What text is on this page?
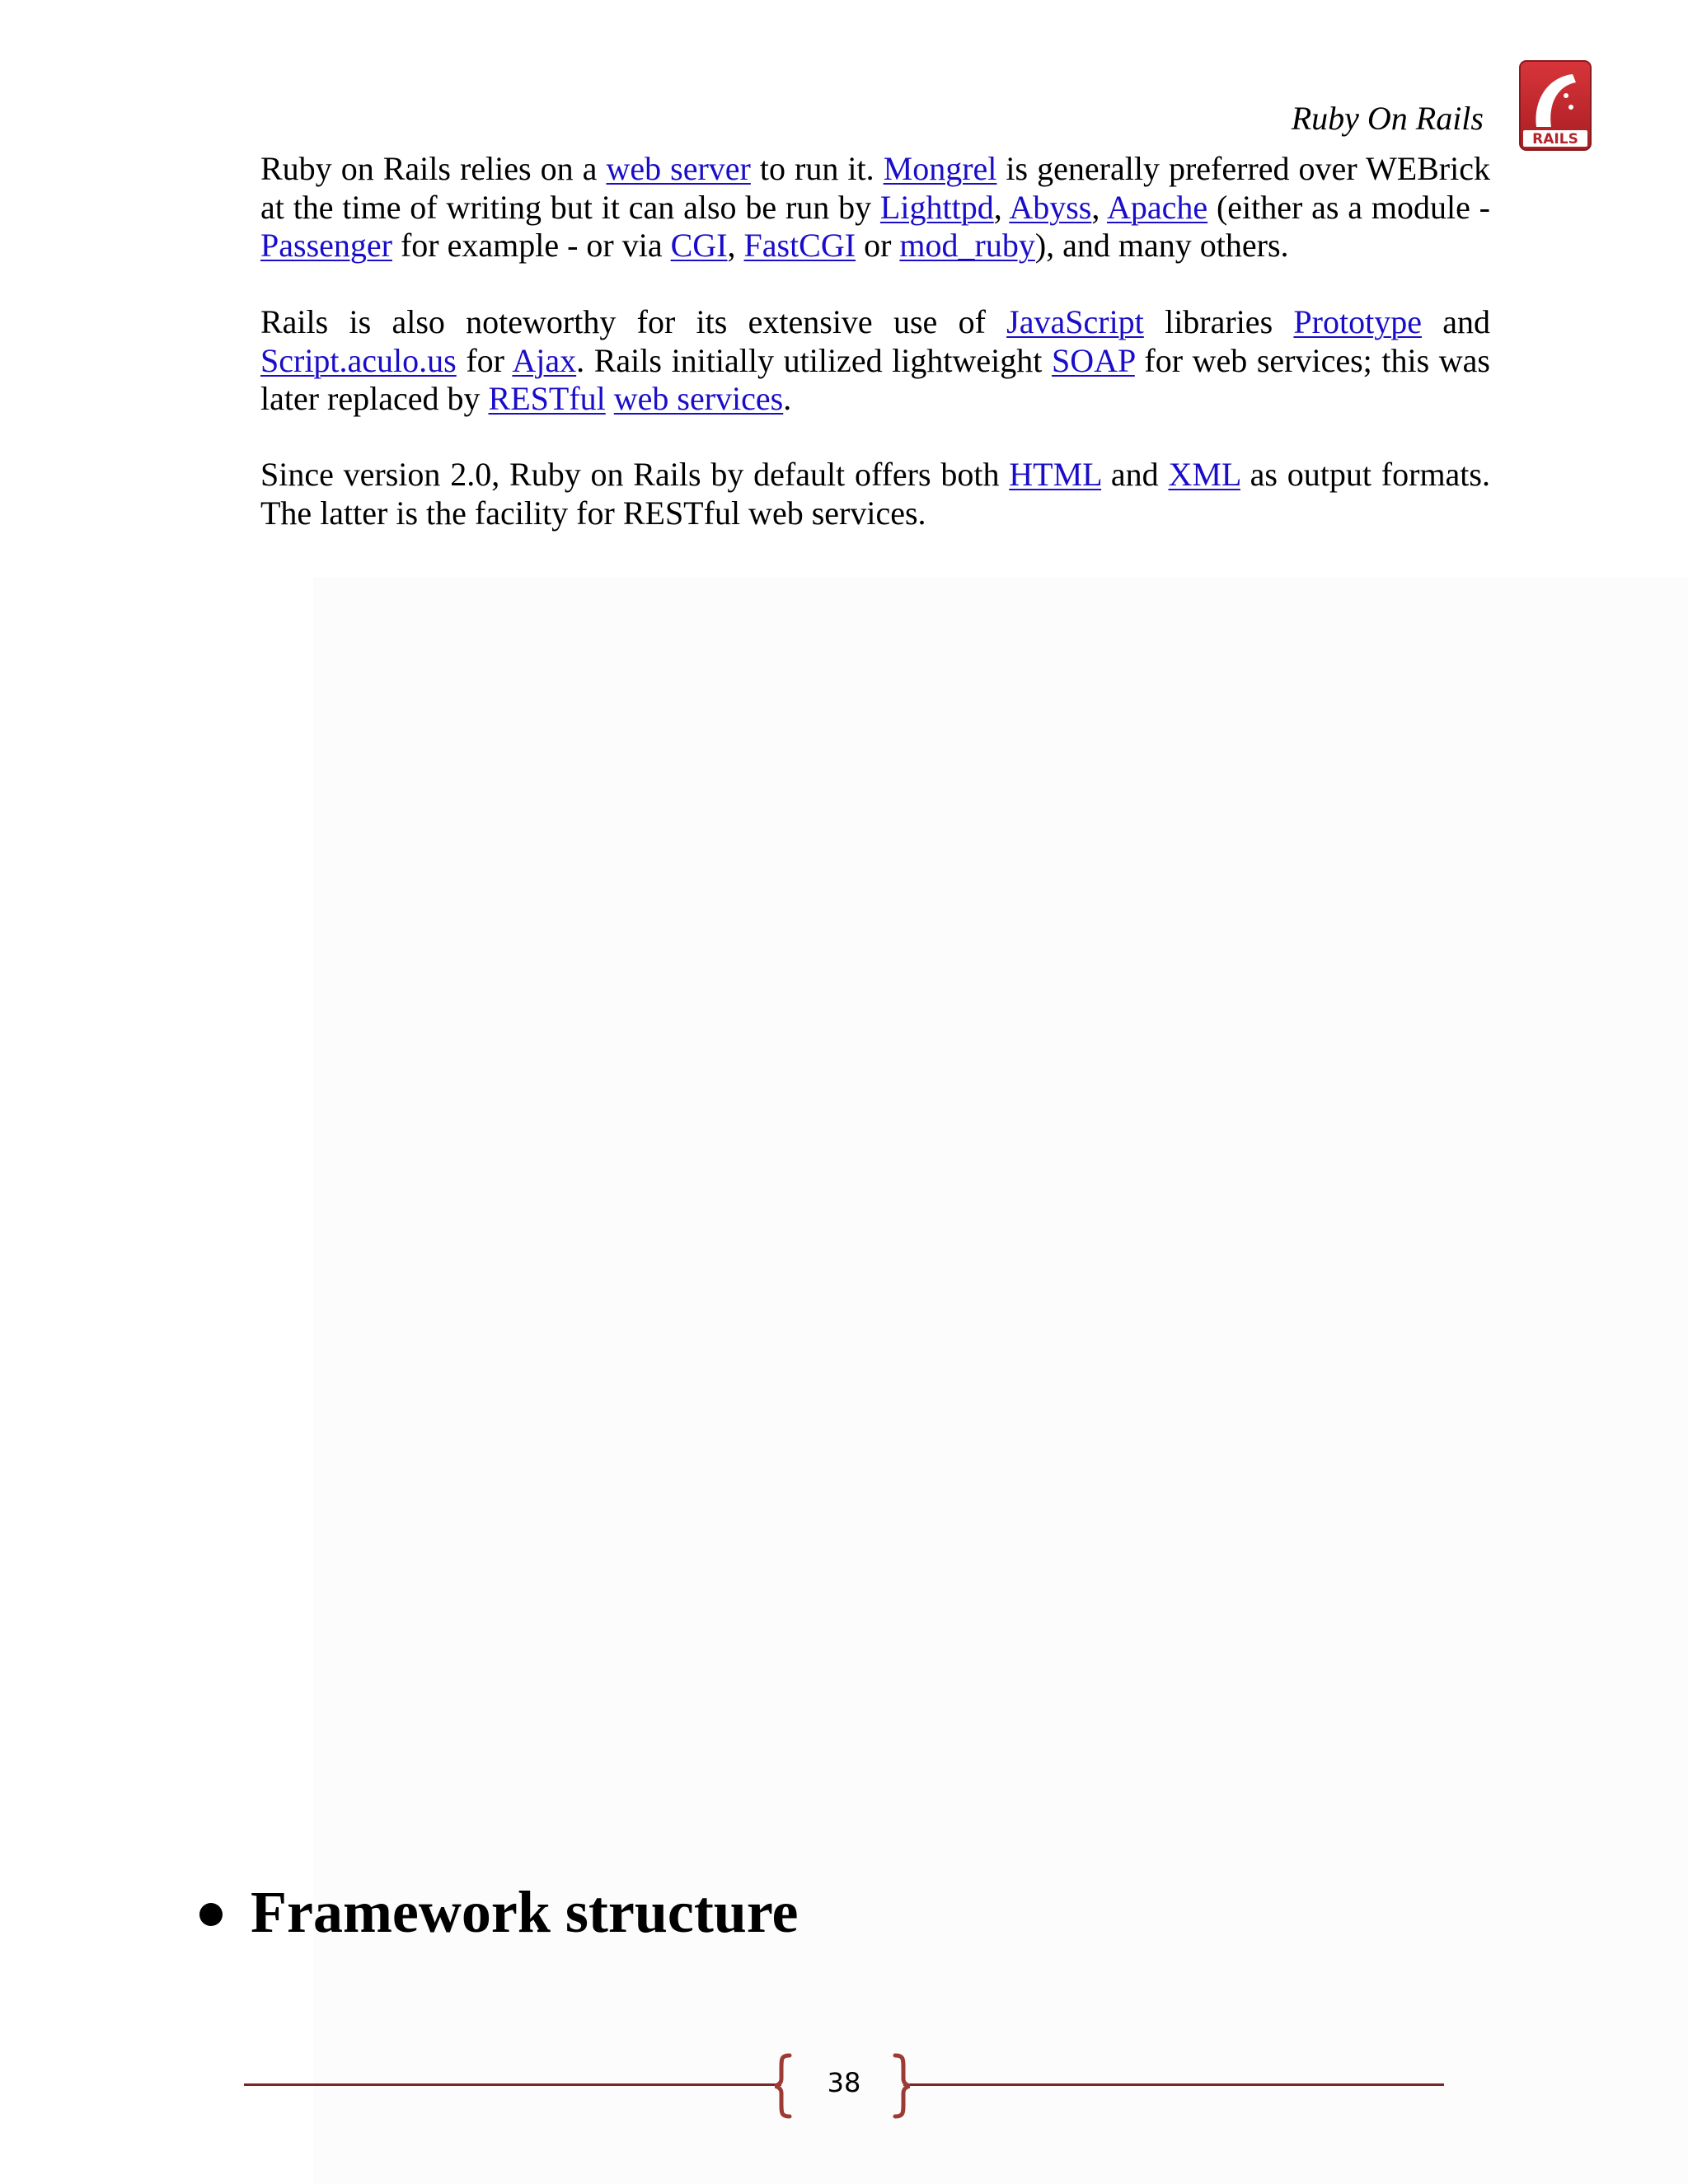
Ruby On Rails
RAILS

Ruby on Rails relies on a web server to run it. Mongrel is generally preferred over WEBrick at the time of writing but it can also be run by Lighttpd, Abyss, Apache (either as a module - Passenger for example - or via CGI, FastCGI or mod_ruby), and many others.

Rails is also noteworthy for its extensive use of JavaScript libraries Prototype and Script.aculo.us for Ajax. Rails initially utilized lightweight SOAP for web services; this was later replaced by RESTful web services.

Since version 2.0, Ruby on Rails by default offers both HTML and XML as output formats. The latter is the facility for RESTful web services.

Framework structure
38
